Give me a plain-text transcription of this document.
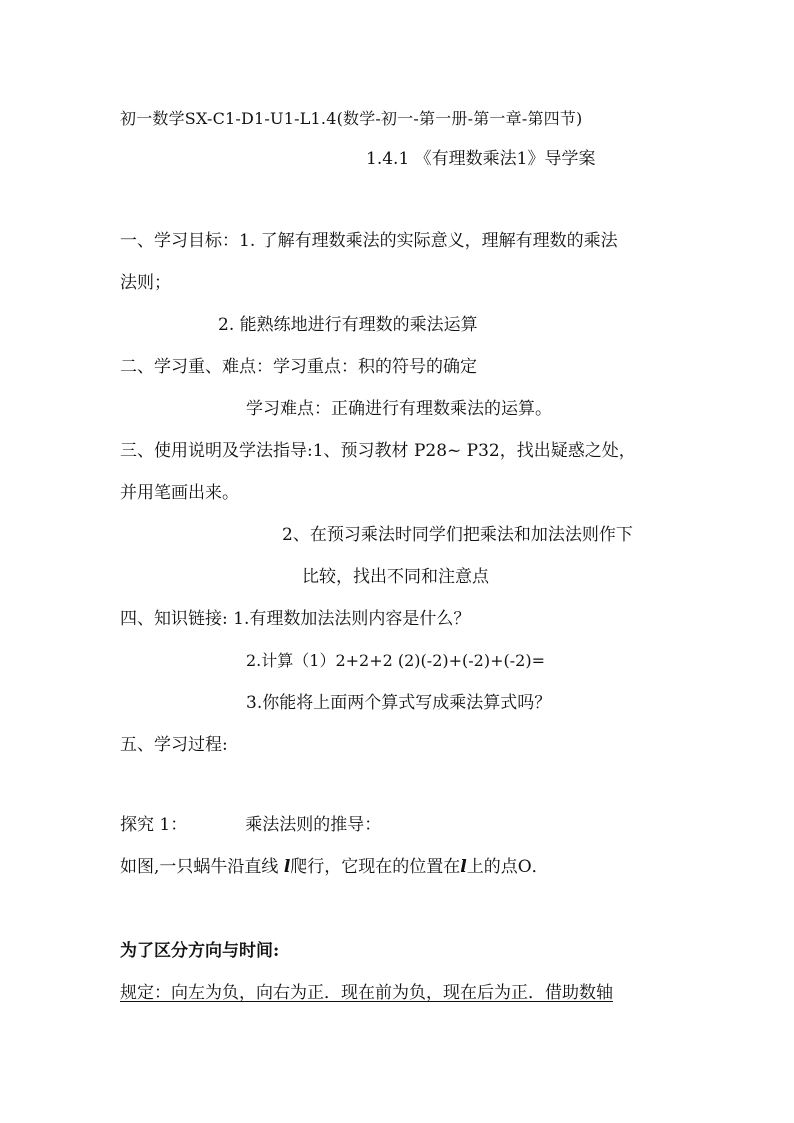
初一数学SX-C1-D1-U1-L1.4(数学-初一-第一册-第一章-第四节)
1.4.1 《有理数乘法1》导学案
一、学习目标：1. 了解有理数乘法的实际意义，理解有理数的乘法
法则；
2. 能熟练地进行有理数的乘法运算
二、学习重、难点：学习重点：积的符号的确定
学习难点：正确进行有理数乘法的运算。
三、使用说明及学法指导:1、预习教材 P28~ P32，找出疑惑之处，
并用笔画出来。
2、在预习乘法时同学们把乘法和加法法则作下
比较，找出不同和注意点
四、知识链接: 1.有理数加法法则内容是什么？
2.计算（1）2+2+2 (2)(-2)+(-2)+(-2)=
3.你能将上面两个算式写成乘法算式吗？
五、学习过程:
探究 1：	乘法法则的推导：
如图,一只蜗牛沿直线 l爬行，它现在的位置在l上的点O．
为了区分方向与时间:
规定：向左为负，向右为正．现在前为负，现在后为正．借助数轴
